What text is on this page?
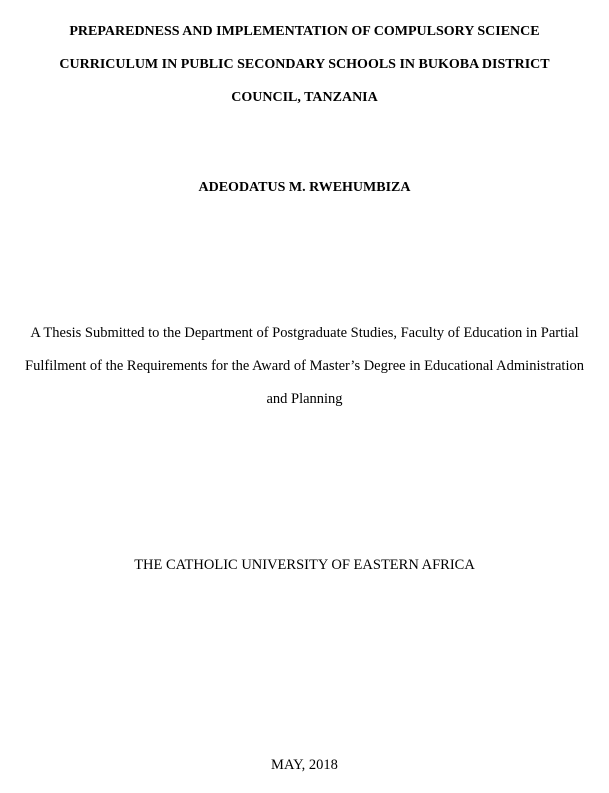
PREPAREDNESS AND IMPLEMENTATION OF COMPULSORY SCIENCE
CURRICULUM IN PUBLIC SECONDARY SCHOOLS IN BUKOBA DISTRICT
COUNCIL, TANZANIA
ADEODATUS M. RWEHUMBIZA
A Thesis Submitted to the Department of Postgraduate Studies, Faculty of Education in Partial
Fulfilment of the Requirements for the Award of Master’s Degree in Educational Administration
and Planning
THE CATHOLIC UNIVERSITY OF EASTERN AFRICA
MAY, 2018
